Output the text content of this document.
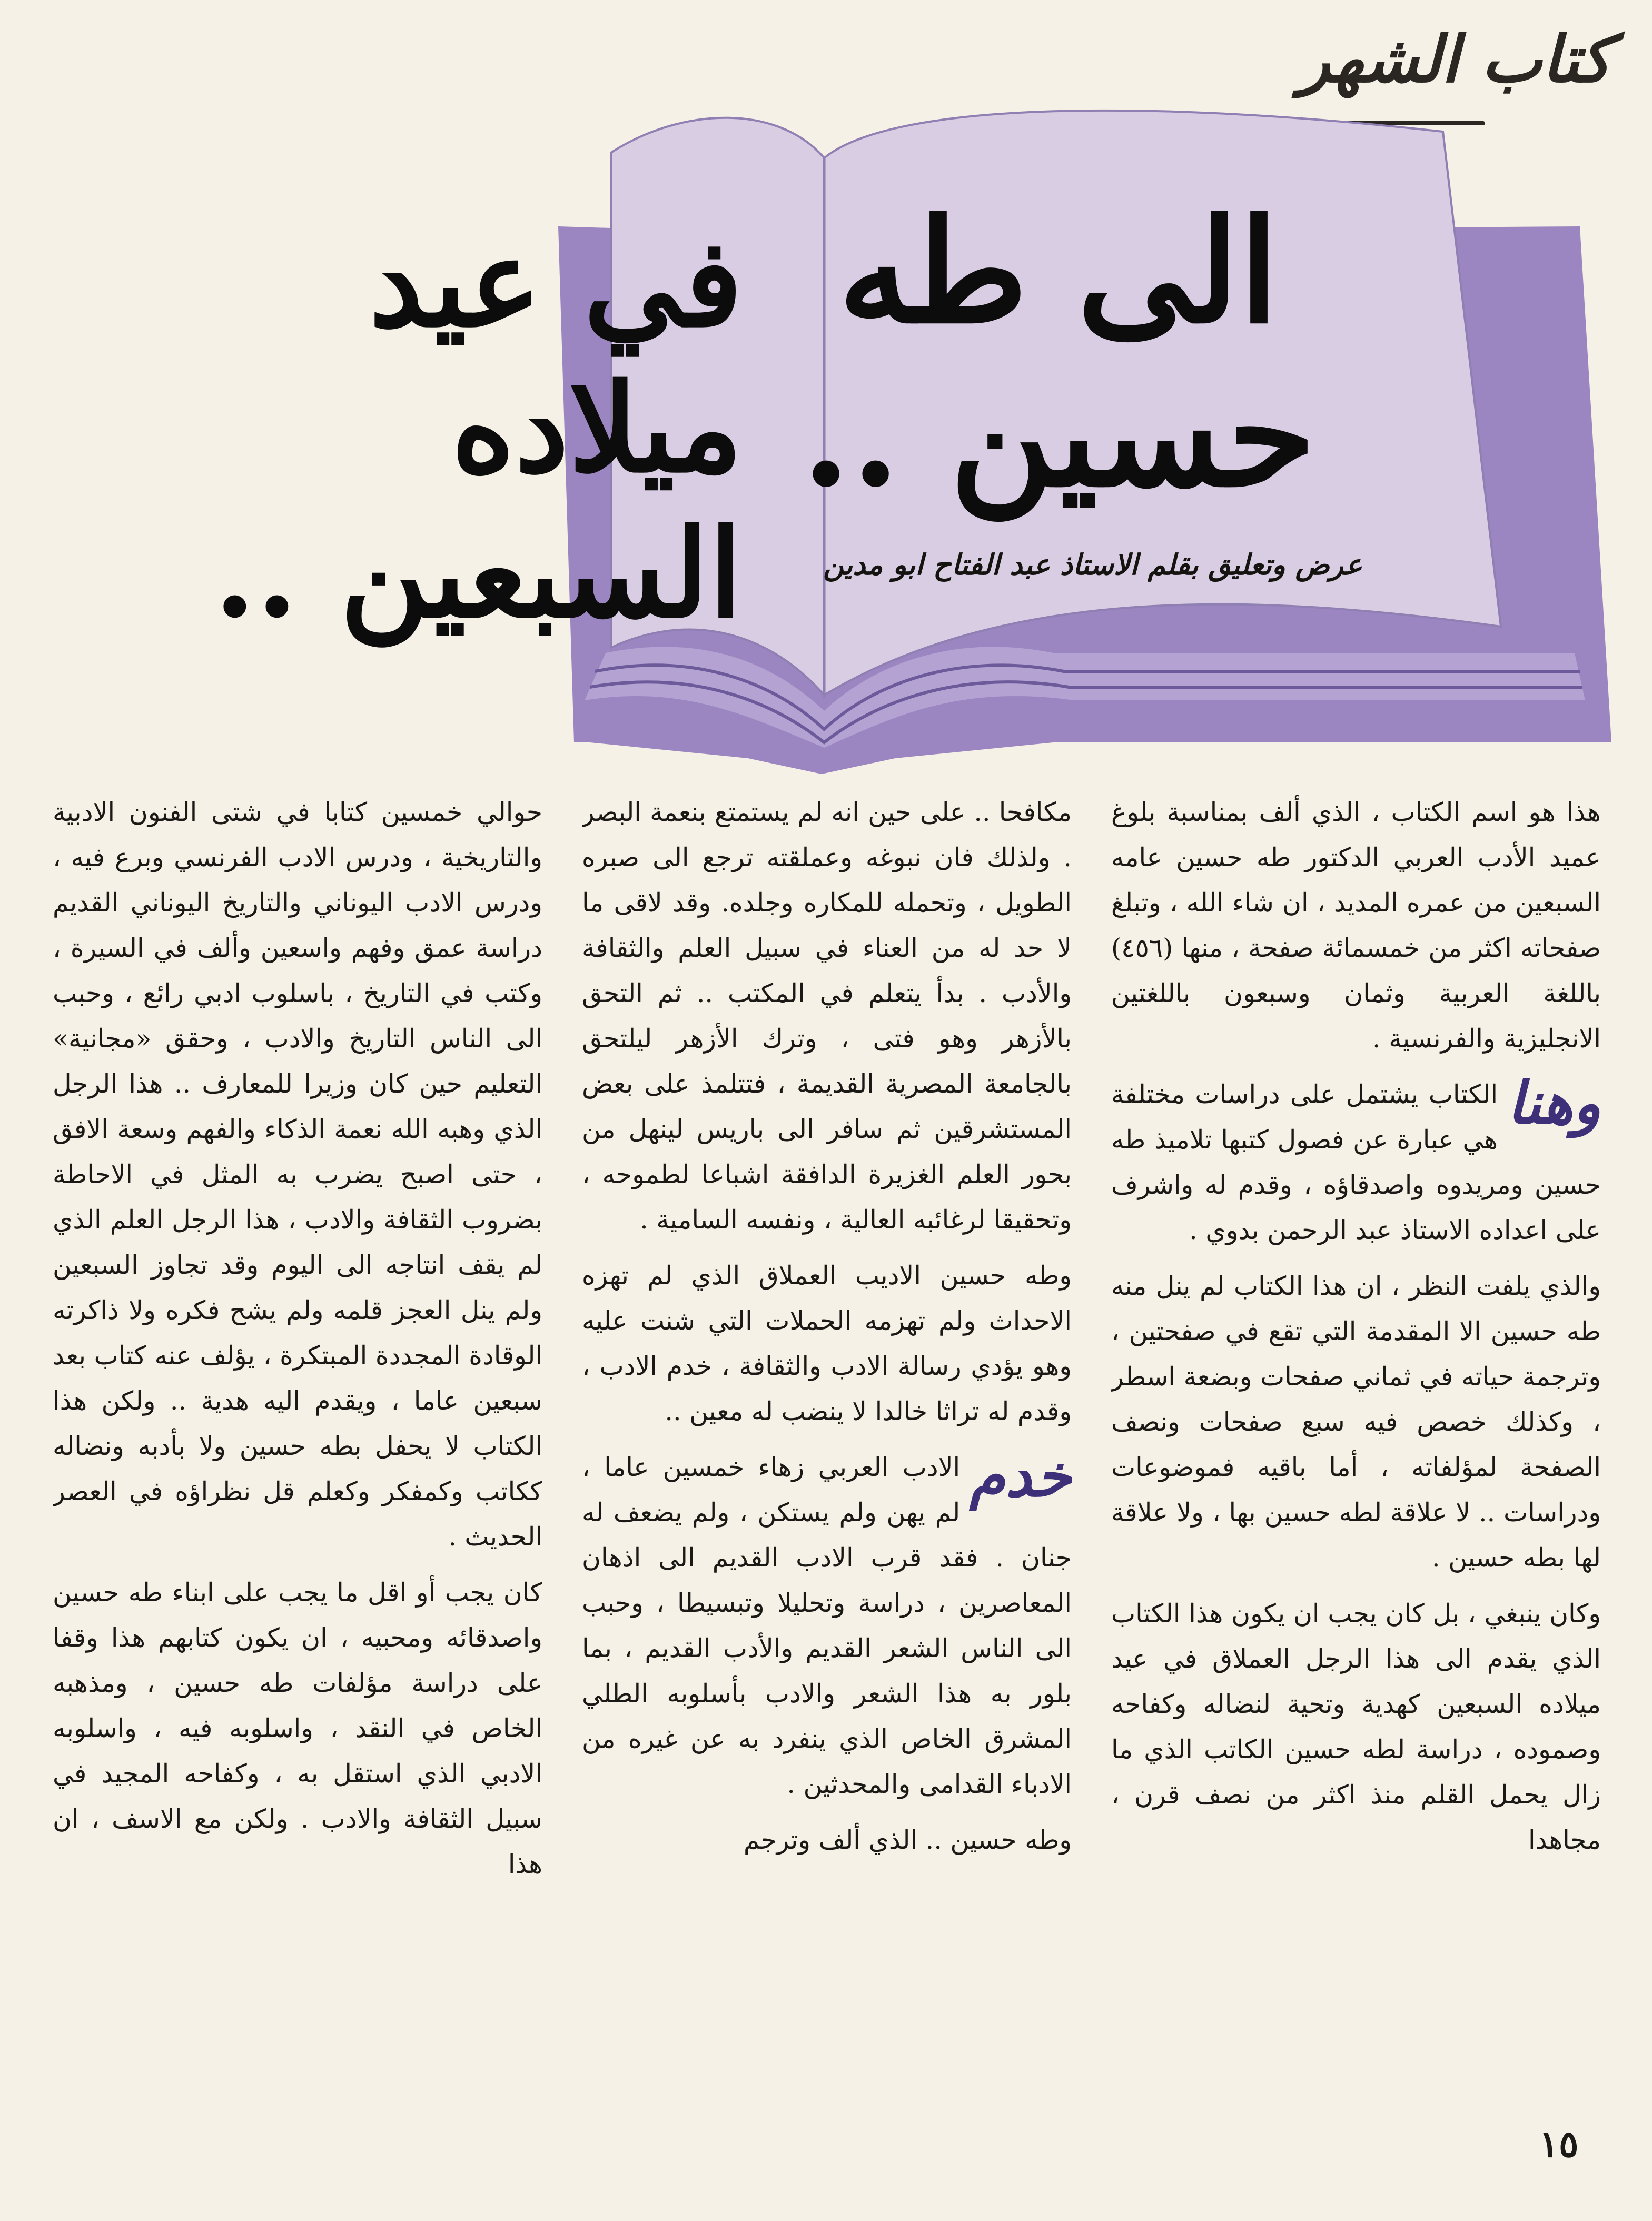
كتاب الشهر
الى طه حسين ..
في عيد ميلاده السبعين ..	عرض وتعليق بقلم الاستاذ عبد الفتاح ابو مدين

هذا هو اسم الكتاب ، الذي ألف بمناسبة بلوغ عميد الأدب العربي الدكتور طه حسين عامه السبعين من عمره المديد ، ان شاء الله ، وتبلغ صفحاته اكثر من خمسمائة صفحة ، منها (٤٥٦) باللغة العربية وثمان وسبعون باللغتين الانجليزية والفرنسية .

وهنا
الكتاب يشتمل على دراسات مختلفة هي عبارة عن فصول كتبها تلاميذ طه حسين ومريدوه واصدقاؤه ، وقدم له واشرف على اعداده الاستاذ عبد الرحمن بدوي .

والذي يلفت النظر ، ان هذا الكتاب لم ينل منه طه حسين الا المقدمة التي تقع في صفحتين ، وترجمة حياته في ثماني صفحات وبضعة اسطر ، وكذلك خصص فيه سبع صفحات ونصف الصفحة لمؤلفاته ، أما باقيه فموضوعات ودراسات .. لا علاقة لطه حسين بها ، ولا علاقة لها بطه حسين .

وكان ينبغي ، بل كان يجب ان يكون هذا الكتاب الذي يقدم الى هذا الرجل العملاق في عيد ميلاده السبعين كهدية وتحية لنضاله وكفاحه وصموده ، دراسة لطه حسين الكاتب الذي ما زال يحمل القلم منذ اكثر من نصف قرن ، مجاهدا

مكافحا .. على حين انه لم يستمتع بنعمة البصر . ولذلك فان نبوغه وعملقته ترجع الى صبره الطويل ، وتحمله للمكاره وجلده. وقد لاقى ما لا حد له من العناء في سبيل العلم والثقافة والأدب . بدأ يتعلم في المكتب .. ثم التحق بالأزهر وهو فتى ، وترك الأزهر ليلتحق بالجامعة المصرية القديمة ، فتتلمذ على بعض المستشرقين ثم سافر الى باريس لينهل من بحور العلم الغزيرة الدافقة اشباعا لطموحه ، وتحقيقا لرغائبه العالية ، ونفسه السامية .

وطه حسين الاديب العملاق الذي لم تهزه الاحداث ولم تهزمه الحملات التي شنت عليه وهو يؤدي رسالة الادب والثقافة ، خدم الادب ، وقدم له تراثا خالدا لا ينضب له معين ..

خدم
الادب العربي زهاء خمسين عاما ، لم يهن ولم يستكن ، ولم يضعف له جنان . فقد قرب الادب القديم الى اذهان المعاصرين ، دراسة وتحليلا وتبسيطا ، وحبب الى الناس الشعر القديم والأدب القديم ، بما بلور به هذا الشعر والادب بأسلوبه الطلي المشرق الخاص الذي ينفرد به عن غيره من الادباء القدامى والمحدثين .

وطه حسين .. الذي ألف وترجم

حوالي خمسين كتابا في شتى الفنون الادبية والتاريخية ، ودرس الادب الفرنسي وبرع فيه ، ودرس الادب اليوناني والتاريخ اليوناني القديم دراسة عمق وفهم واسعين وألف في السيرة ، وكتب في التاريخ ، باسلوب ادبي رائع ، وحبب الى الناس التاريخ والادب ، وحقق «مجانية» التعليم حين كان وزيرا للمعارف .. هذا الرجل الذي وهبه الله نعمة الذكاء والفهم وسعة الافق ، حتى اصبح يضرب به المثل في الاحاطة بضروب الثقافة والادب ، هذا الرجل العلم الذي لم يقف انتاجه الى اليوم وقد تجاوز السبعين ولم ينل العجز قلمه ولم يشح فكره ولا ذاكرته الوقادة المجددة المبتكرة ، يؤلف عنه كتاب بعد سبعين عاما ، ويقدم اليه هدية .. ولكن هذا الكتاب لا يحفل بطه حسين ولا بأدبه ونضاله ككاتب وكمفكر وكعلم قل نظراؤه في العصر الحديث .

كان يجب أو اقل ما يجب على ابناء طه حسين واصدقائه ومحبيه ، ان يكون كتابهم هذا وقفا على دراسة مؤلفات طه حسين ، ومذهبه الخاص في النقد ، واسلوبه فيه ، واسلوبه الادبي الذي استقل به ، وكفاحه المجيد في سبيل الثقافة والادب . ولكن مع الاسف ، ان هذا

١٥
